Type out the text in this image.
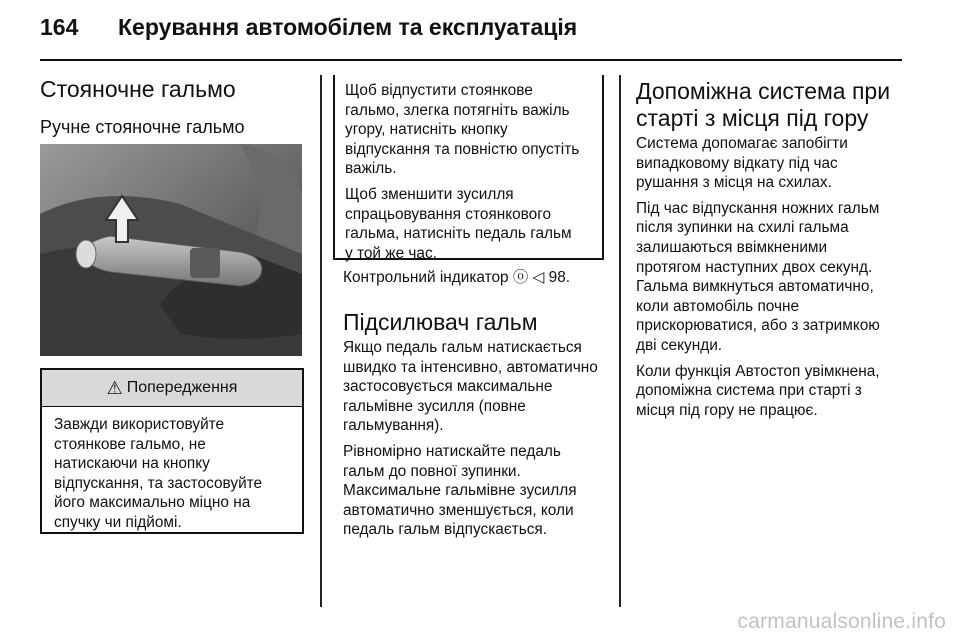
164 Керування автомобілем та експлуатація
Стояночне гальмо
Ручне стояночне гальмо
⚠ Попередження
Завжди використовуйте
стоянкове гальмо, не
натискаючи на кнопку
відпускання, та застосовуйте
його максимально міцно на
спучку чи підйомі.
Щоб відпустити стоянкове
гальмо, злегка потягніть важіль
угору, натисніть кнопку
відпускання та повністю опустіть
важіль.
Щоб зменшити зусилля
спрацьовування стоянкового
гальма, натисніть педаль гальм
у той же час.
Контрольний індикатор ⓞ ◁ 98.
Підсилювач гальм
Якщо педаль гальм натискається
швидко та інтенсивно, автоматично
застосовується максимальне
гальмівне зусилля (повне
гальмування).
Рівномірно натискайте педаль
гальм до повної зупинки.
Максимальне гальмівне зусилля
автоматично зменшується, коли
педаль гальм відпускається.
Допоміжна система при
старті з місця під гору
Система допомагає запобігти
випадковому відкату під час
рушання з місця на схилах.
Під час відпускання ножних гальм
після зупинки на схилі гальма
залишаються ввімкненими
протягом наступних двох секунд.
Гальма вимкнуться автоматично,
коли автомобіль почне
прискорюватися, або з затримкою
дві секунди.
Коли функція Автостоп увімкнена,
допоміжна система при старті з
місця під гору не працює.
carmanualsonline.info
